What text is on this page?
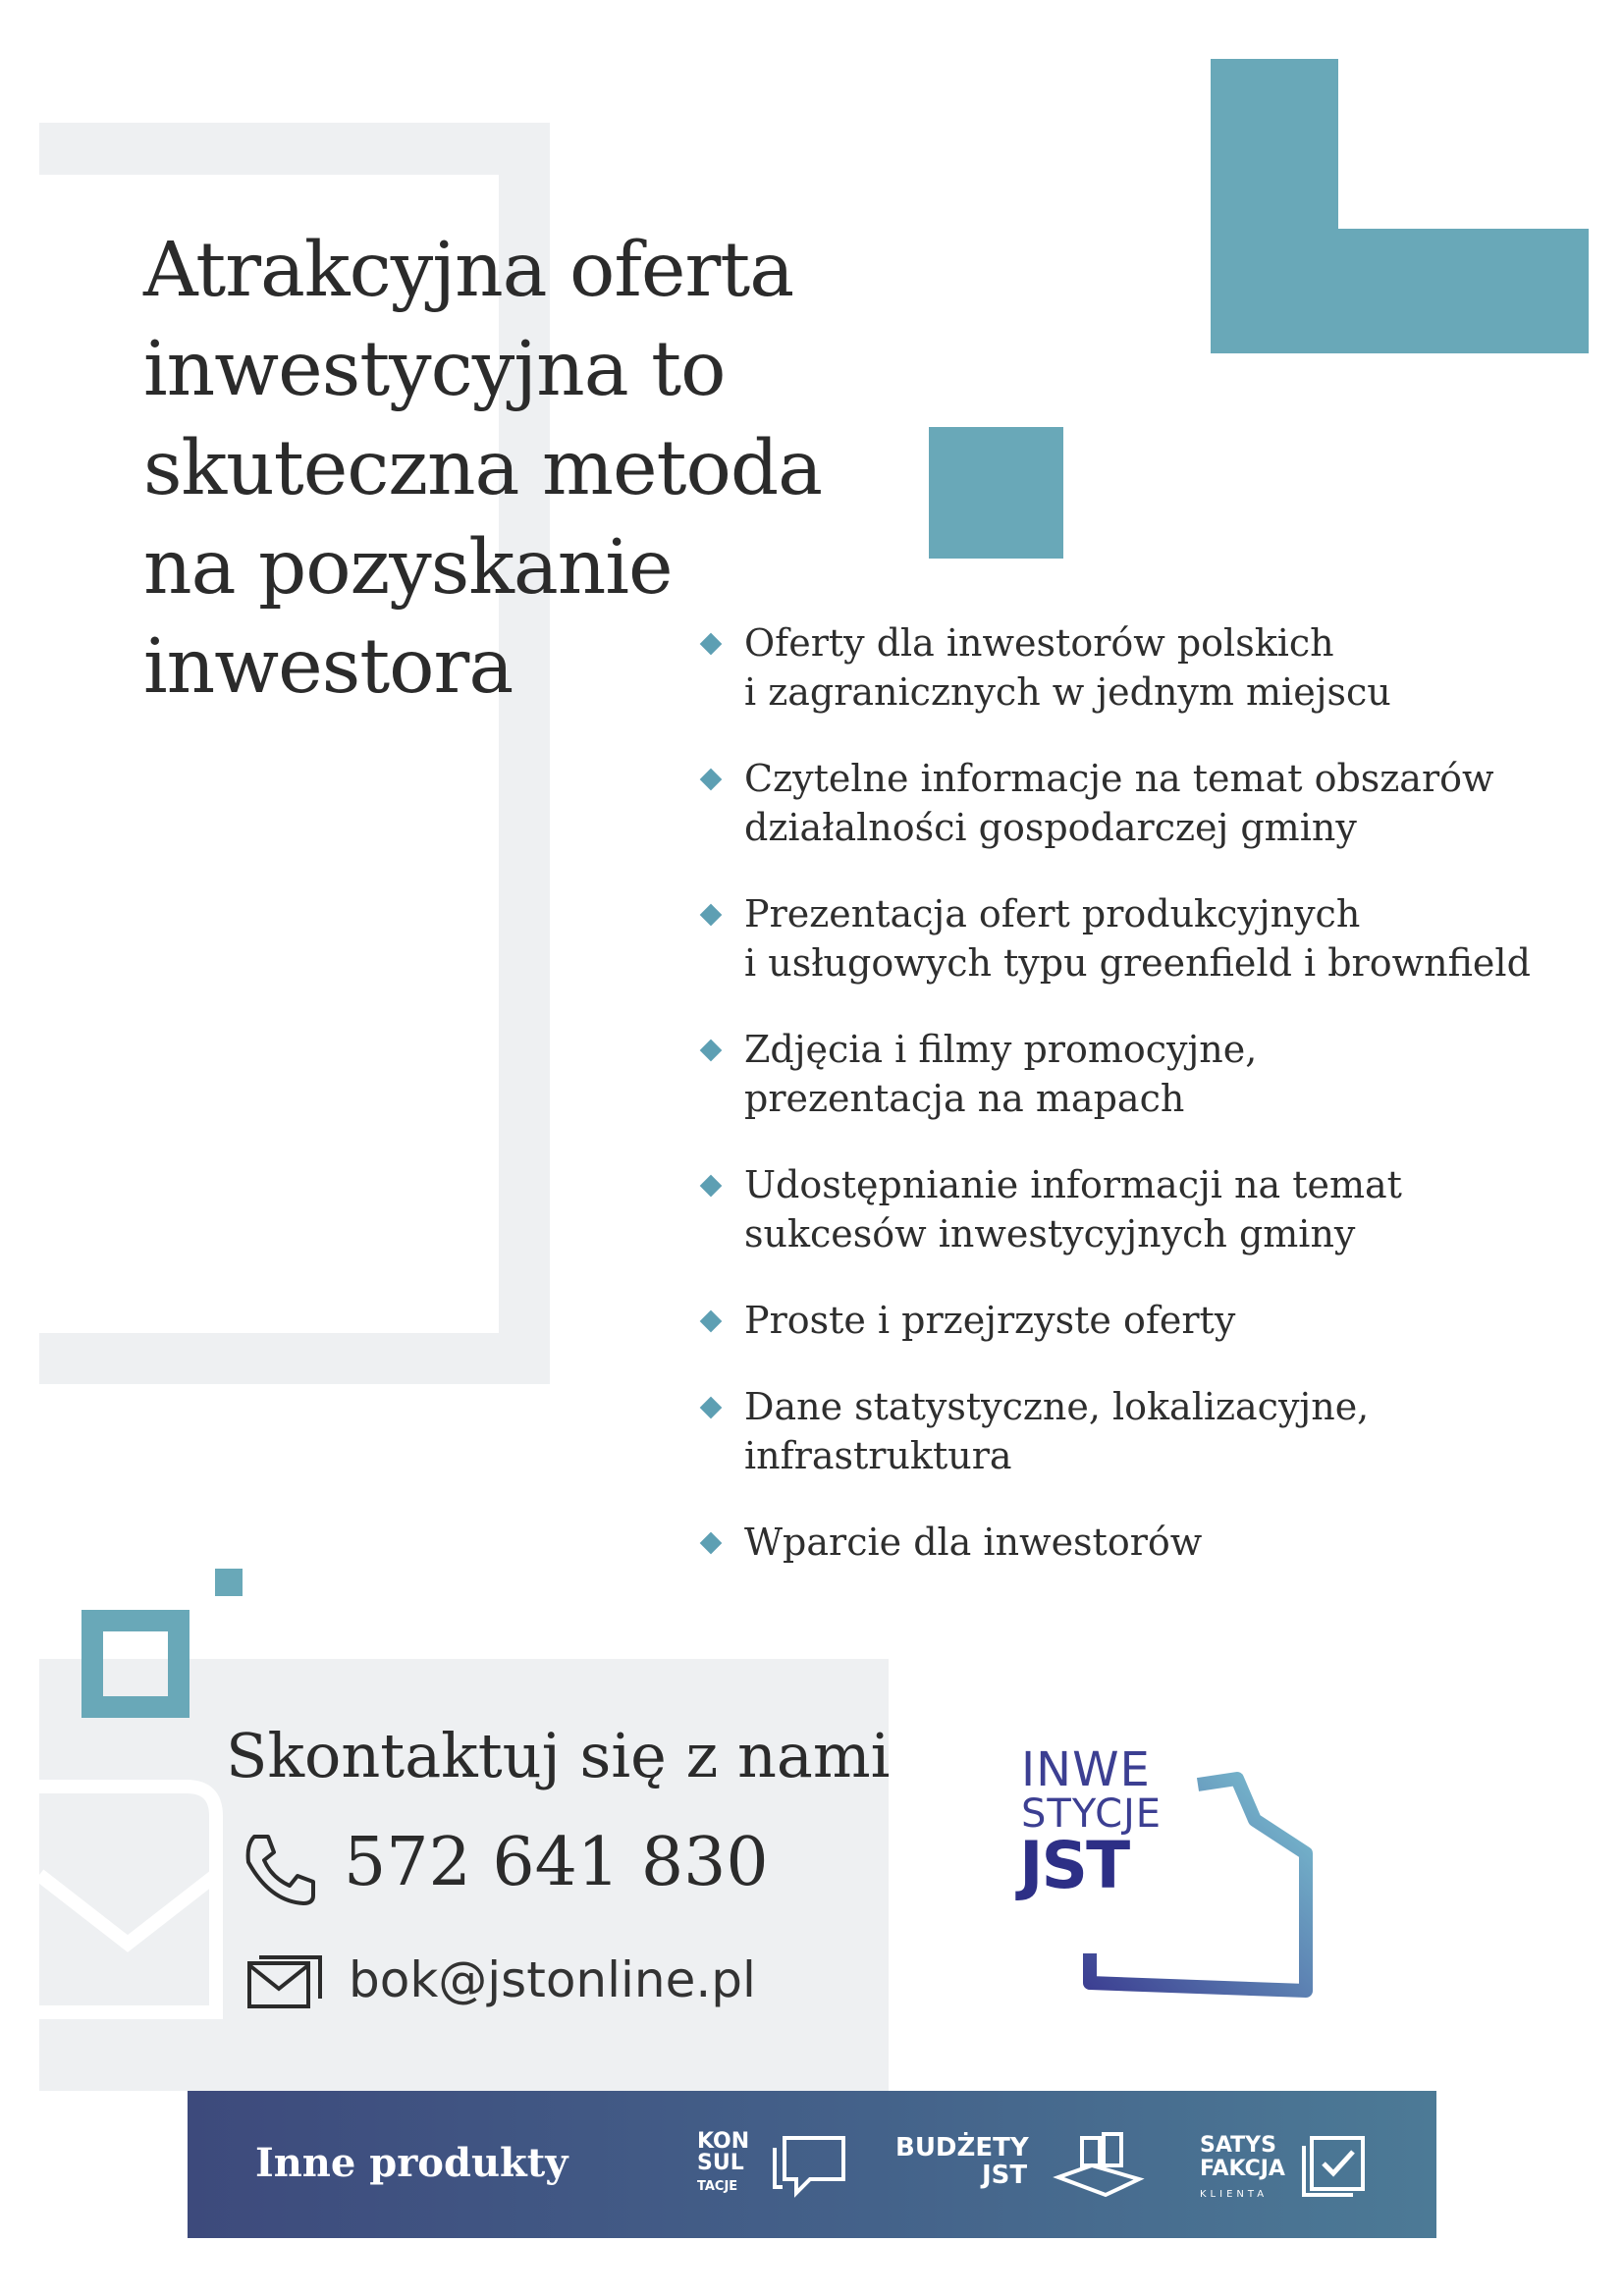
Atrakcyjna oferta
inwestycyjna to
skuteczna metoda
na pozyskanie
inwestora	Oferty dla inwestorów polskich
i zagranicznych w jednym miejscu
Czytelne informacje na temat obszarów
działalności gospodarczej gminy
Prezentacja ofert produkcyjnych
i usługowych typu greenfield i brownfield
Zdjęcia i filmy promocyjne,
prezentacja na mapach
Udostępnianie informacji na temat
sukcesów inwestycyjnych gminy
Proste i przejrzyste oferty
Dane statystyczne, lokalizacyjne,
infrastruktura
Wparcie dla inwestorów
Skontaktuj się z nami
572 641 830
bok@jstonline.pl
INWE
STYCJE
JST
Inne produkty	KON
SUL
TACJE
BUDŻETY
JST
SATYS
FAKCJA
KLIENTA
